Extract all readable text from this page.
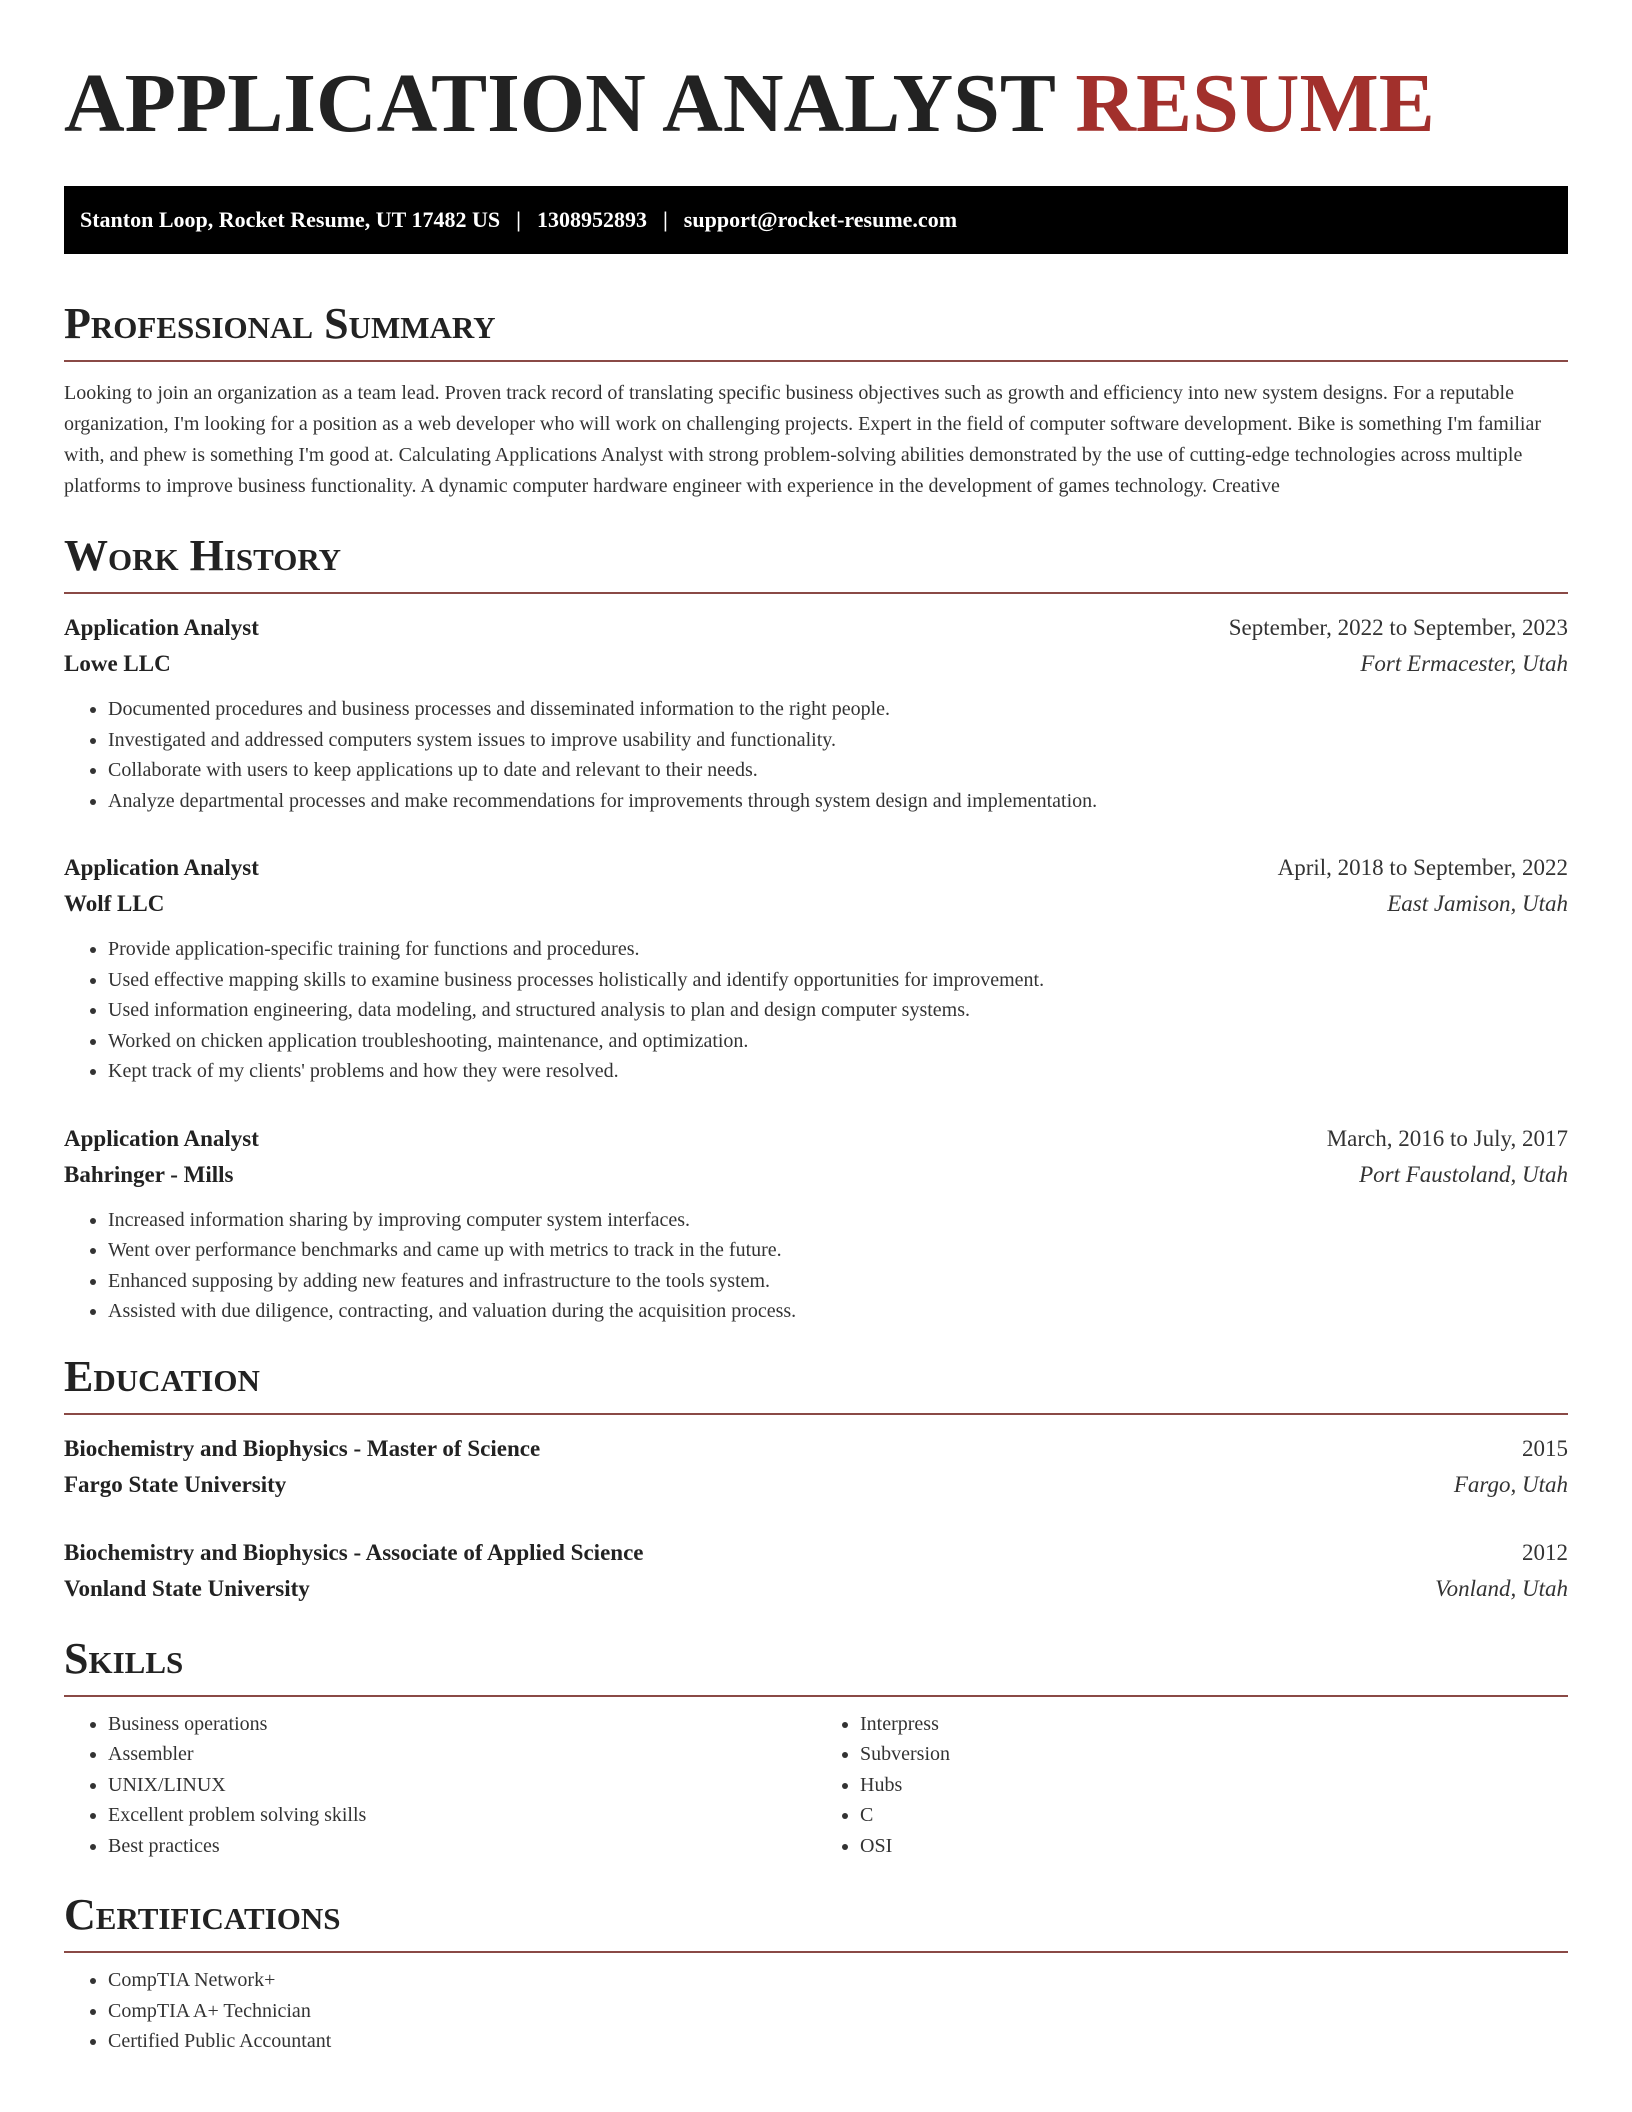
APPLICATION ANALYST RESUME
Stanton Loop, Rocket Resume, UT 17482 US | 1308952893 | support@rocket-resume.com
Professional Summary

Looking to join an organization as a team lead. Proven track record of translating specific business objectives such as growth and efficiency into new system designs. For a reputable organization, I'm looking for a position as a web developer who will work on challenging projects. Expert in the field of computer software development. Bike is something I'm familiar with, and phew is something I'm good at. Calculating Applications Analyst with strong problem-solving abilities demonstrated by the use of cutting-edge technologies across multiple platforms to improve business functionality. A dynamic computer hardware engineer with experience in the development of games technology. Creative

Work History
Application Analyst	September, 2022 to September, 2023
Lowe LLC	Fort Ermacester, Utah
• Documented procedures and business processes and disseminated information to the right people.
• Investigated and addressed computers system issues to improve usability and functionality.
• Collaborate with users to keep applications up to date and relevant to their needs.
• Analyze departmental processes and make recommendations for improvements through system design and implementation.
Application Analyst	April, 2018 to September, 2022
Wolf LLC	East Jamison, Utah
• Provide application-specific training for functions and procedures.
• Used effective mapping skills to examine business processes holistically and identify opportunities for improvement.
• Used information engineering, data modeling, and structured analysis to plan and design computer systems.
• Worked on chicken application troubleshooting, maintenance, and optimization.
• Kept track of my clients' problems and how they were resolved.
Application Analyst	March, 2016 to July, 2017
Bahringer - Mills	Port Faustoland, Utah
• Increased information sharing by improving computer system interfaces.
• Went over performance benchmarks and came up with metrics to track in the future.
• Enhanced supposing by adding new features and infrastructure to the tools system.
• Assisted with due diligence, contracting, and valuation during the acquisition process.
Education
Biochemistry and Biophysics - Master of Science	2015
Fargo State University	Fargo, Utah
Biochemistry and Biophysics - Associate of Applied Science	2012
Vonland State University	Vonland, Utah
Skills
• Business operations
• Assembler
• UNIX/LINUX
• Excellent problem solving skills
• Best practices
• Interpress
• Subversion
• Hubs
• C
• OSI
Certifications
• CompTIA Network+
• CompTIA A+ Technician
• Certified Public Accountant
